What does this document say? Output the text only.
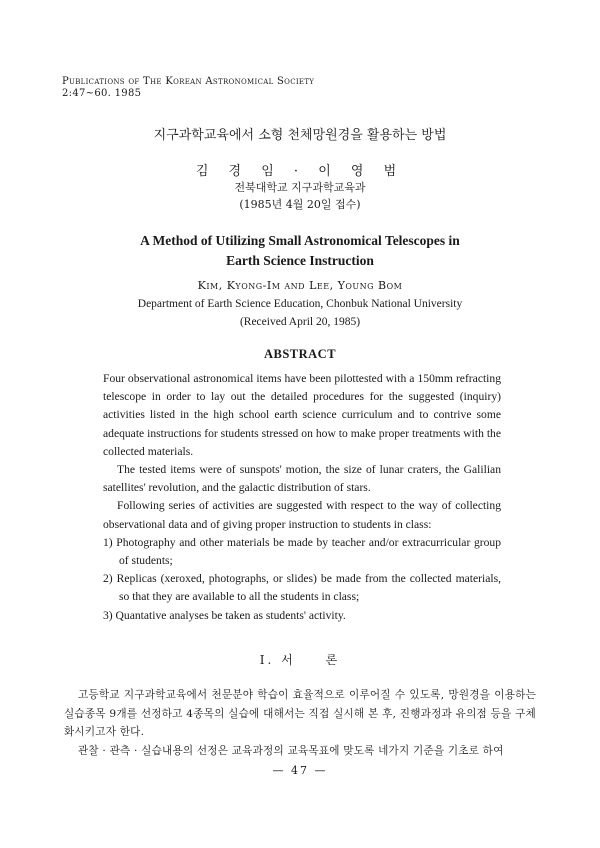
Publications of The Korean Astronomical Society
2:47~60. 1985
지구과학교육에서 소형 천체망원경을 활용하는 방법
김 경 임 · 이 영 범
전북대학교 지구과학교육과
(1985년 4월 20일 접수)
A Method of Utilizing Small Astronomical Telescopes in
Earth Science Instruction
Kim, Kyong-Im and Lee, Young Bom
Department of Earth Science Education, Chonbuk National University
(Received April 20, 1985)
ABSTRACT

Four observational astronomical items have been pilottested with a 150mm refracting telescope in order to lay out the detailed procedures for the suggested (inquiry) activities listed in the high school earth science curriculum and to contrive some adequate instructions for students stressed on how to make proper treatments with the collected materials.

The tested items were of sunspots' motion, the size of lunar craters, the Galilian satellites' revolution, and the galactic distribution of stars.

Following series of activities are suggested with respect to the way of collecting observational data and of giving proper instruction to students in class:

1) Photography and other materials be made by teacher and/or extracurricular group of students;

2) Replicas (xeroxed, photographs, or slides) be made from the collected materials, so that they are available to all the students in class;

3) Quantative analyses be taken as students' activity.

I. 서　　론

고등학교 지구과학교육에서 천문분야 학습이 효율적으로 이루어질 수 있도록, 망원경을 이용하는 실습종목 9개를 선정하고 4종목의 실습에 대해서는 직접 실시해 본 후, 진행과정과 유의점 등을 구체화시키고자 한다.

관찰 · 관측 · 실습내용의 선정은 교육과정의 교육목표에 맞도록 네가지 기준을 기초로 하여

— 47 —
